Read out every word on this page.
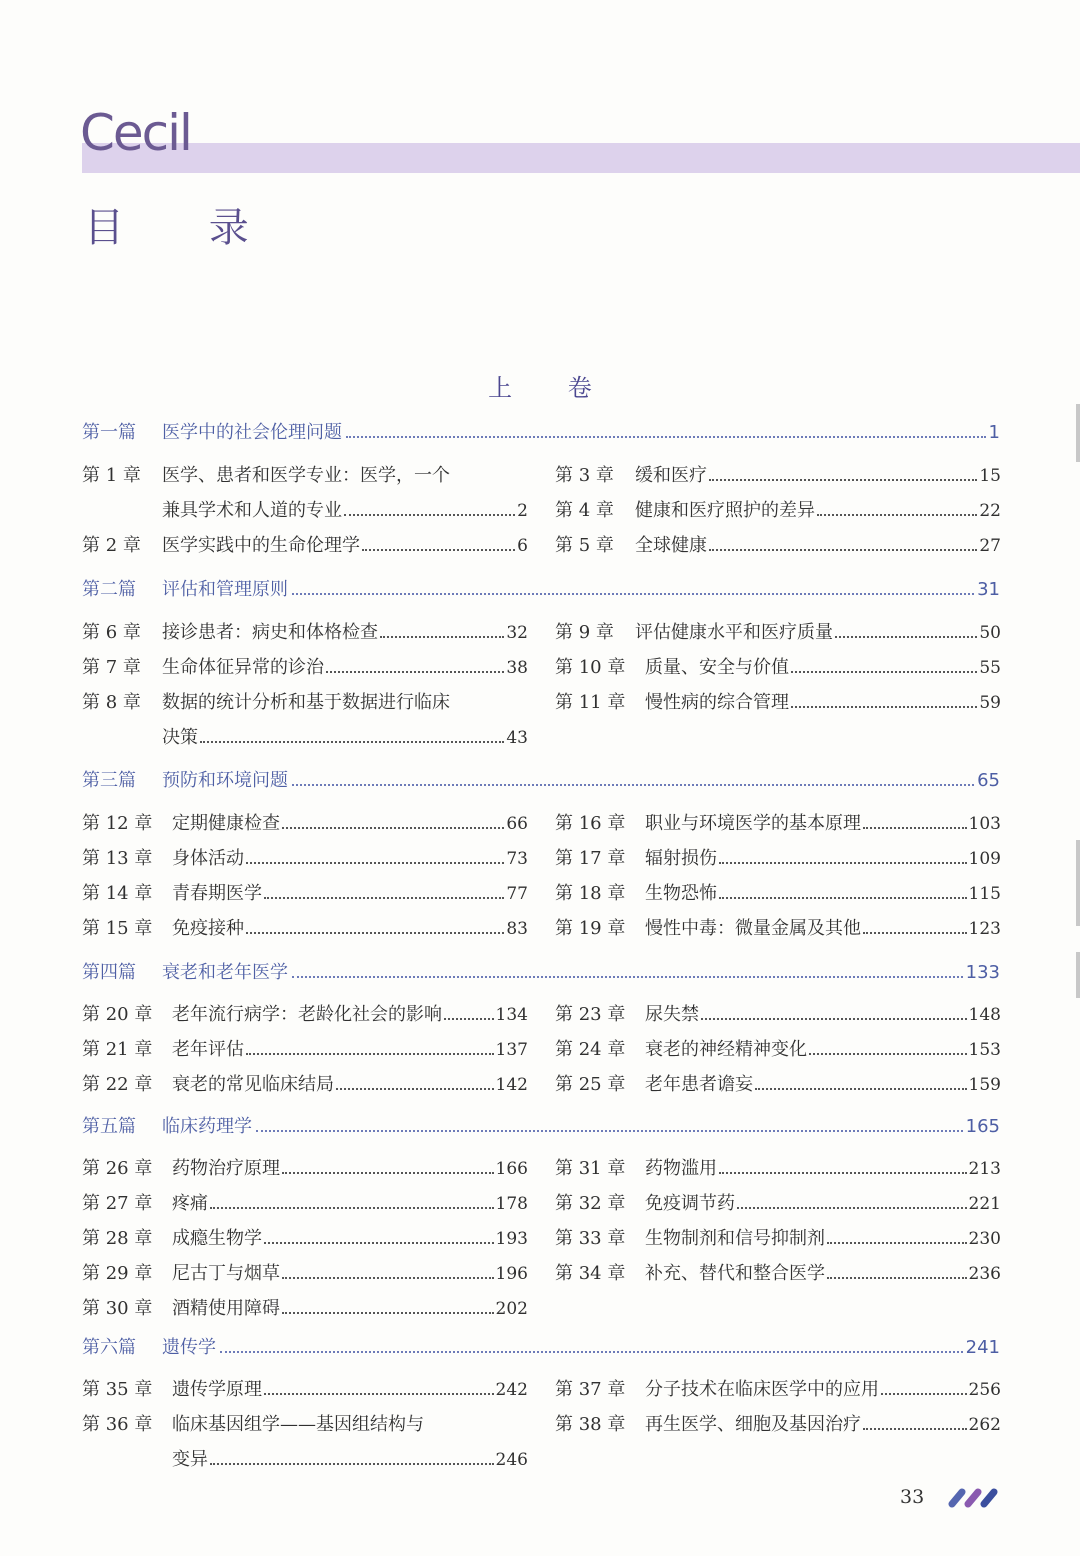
Cecil
目 录
上 卷
第一篇	医学中的社会伦理问题	1
第 1 章	医学、患者和医学专业：医学，一个
兼具学术和人道的专业	2
第 2 章	医学实践中的生命伦理学	6
第 3 章	缓和医疗	15
第 4 章	健康和医疗照护的差异	22
第 5 章	全球健康	27
第二篇	评估和管理原则	31
第 6 章	接诊患者：病史和体格检查	32
第 7 章	生命体征异常的诊治	38
第 8 章	数据的统计分析和基于数据进行临床
决策	43
第 9 章	评估健康水平和医疗质量	50
第 10 章	质量、安全与价值	55
第 11 章	慢性病的综合管理	59
第三篇	预防和环境问题	65
第 12 章	定期健康检查	66
第 13 章	身体活动	73
第 14 章	青春期医学	77
第 15 章	免疫接种	83
第 16 章	职业与环境医学的基本原理	103
第 17 章	辐射损伤	109
第 18 章	生物恐怖	115
第 19 章	慢性中毒：微量金属及其他	123
第四篇	衰老和老年医学	133
第 20 章	老年流行病学：老龄化社会的影响	134
第 21 章	老年评估	137
第 22 章	衰老的常见临床结局	142
第 23 章	尿失禁	148
第 24 章	衰老的神经精神变化	153
第 25 章	老年患者谵妄	159
第五篇	临床药理学	165
第 26 章	药物治疗原理	166
第 27 章	疼痛	178
第 28 章	成瘾生物学	193
第 29 章	尼古丁与烟草	196
第 30 章	酒精使用障碍	202
第 31 章	药物滥用	213
第 32 章	免疫调节药	221
第 33 章	生物制剂和信号抑制剂	230
第 34 章	补充、替代和整合医学	236
第六篇	遗传学	241
第 35 章	遗传学原理	242
第 36 章	临床基因组学——基因组结构与
变异	246
第 37 章	分子技术在临床医学中的应用	256
第 38 章	再生医学、细胞及基因治疗	262
33
